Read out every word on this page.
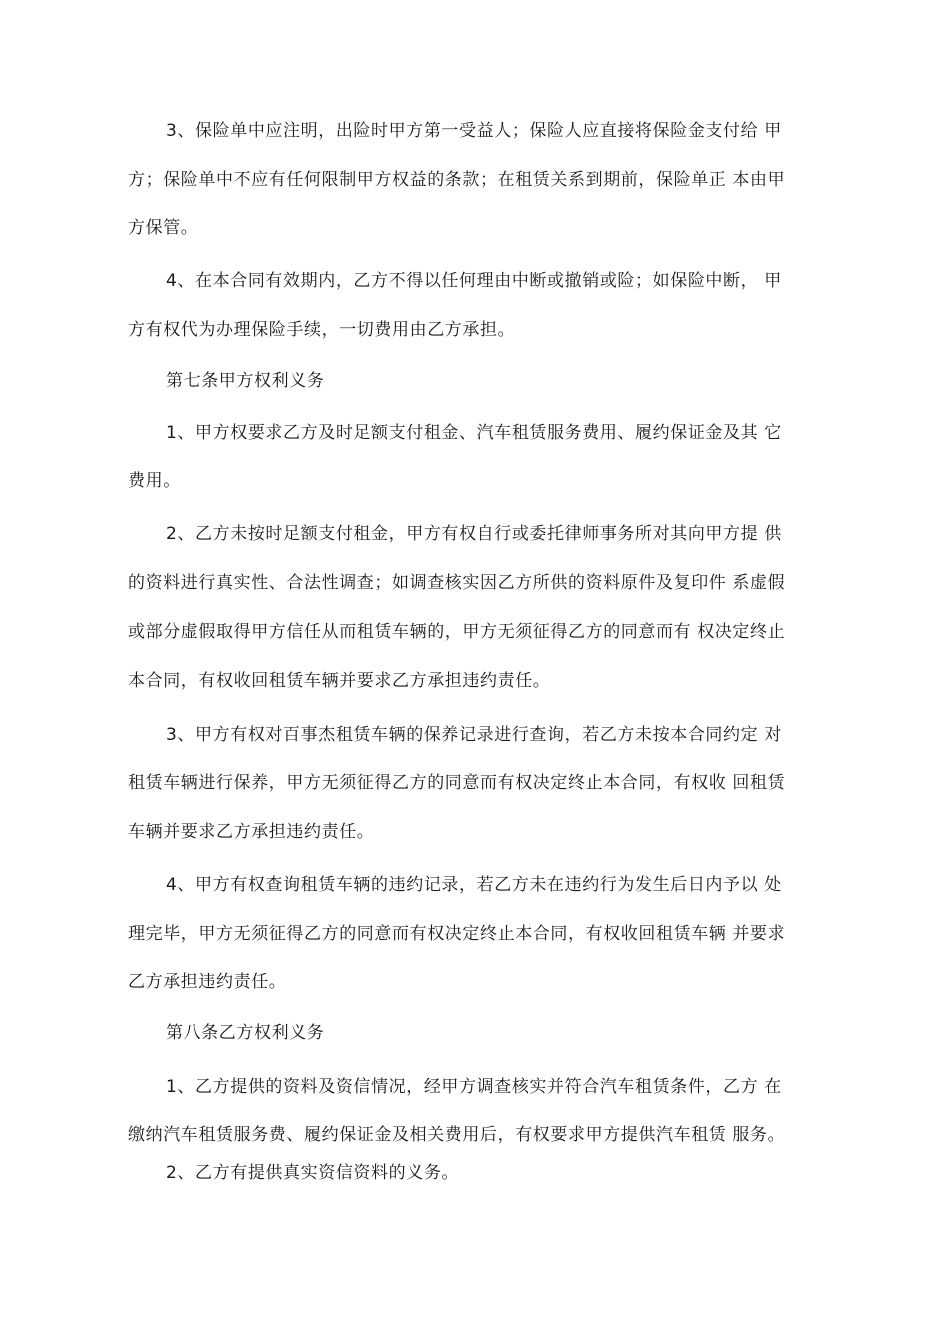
3、保险单中应注明，出险时甲方第一受益人；保险人应直接将保险金支付给 甲
方；保险单中不应有任何限制甲方权益的条款；在租赁关系到期前，保险单正 本由甲
方保管。
4、在本合同有效期内，乙方不得以任何理由中断或撤销或险；如保险中断， 甲
方有权代为办理保险手续，一切费用由乙方承担。
第七条甲方权利义务
1、甲方权要求乙方及时足额支付租金、汽车租赁服务费用、履约保证金及其 它
费用。
2、乙方未按时足额支付租金，甲方有权自行或委托律师事务所对其向甲方提 供
的资料进行真实性、合法性调查；如调查核实因乙方所供的资料原件及复印件 系虚假
或部分虚假取得甲方信任从而租赁车辆的，甲方无须征得乙方的同意而有 权决定终止
本合同，有权收回租赁车辆并要求乙方承担违约责任。
3、甲方有权对百事杰租赁车辆的保养记录进行查询，若乙方未按本合同约定 对
租赁车辆进行保养，甲方无须征得乙方的同意而有权决定终止本合同，有权收 回租赁
车辆并要求乙方承担违约责任。
4、甲方有权查询租赁车辆的违约记录，若乙方未在违约行为发生后日内予以 处
理完毕，甲方无须征得乙方的同意而有权决定终止本合同，有权收回租赁车辆 并要求
乙方承担违约责任。
第八条乙方权利义务
1、乙方提供的资料及资信情况，经甲方调查核实并符合汽车租赁条件，乙方 在
缴纳汽车租赁服务费、履约保证金及相关费用后，有权要求甲方提供汽车租赁 服务。
2、乙方有提供真实资信资料的义务。
